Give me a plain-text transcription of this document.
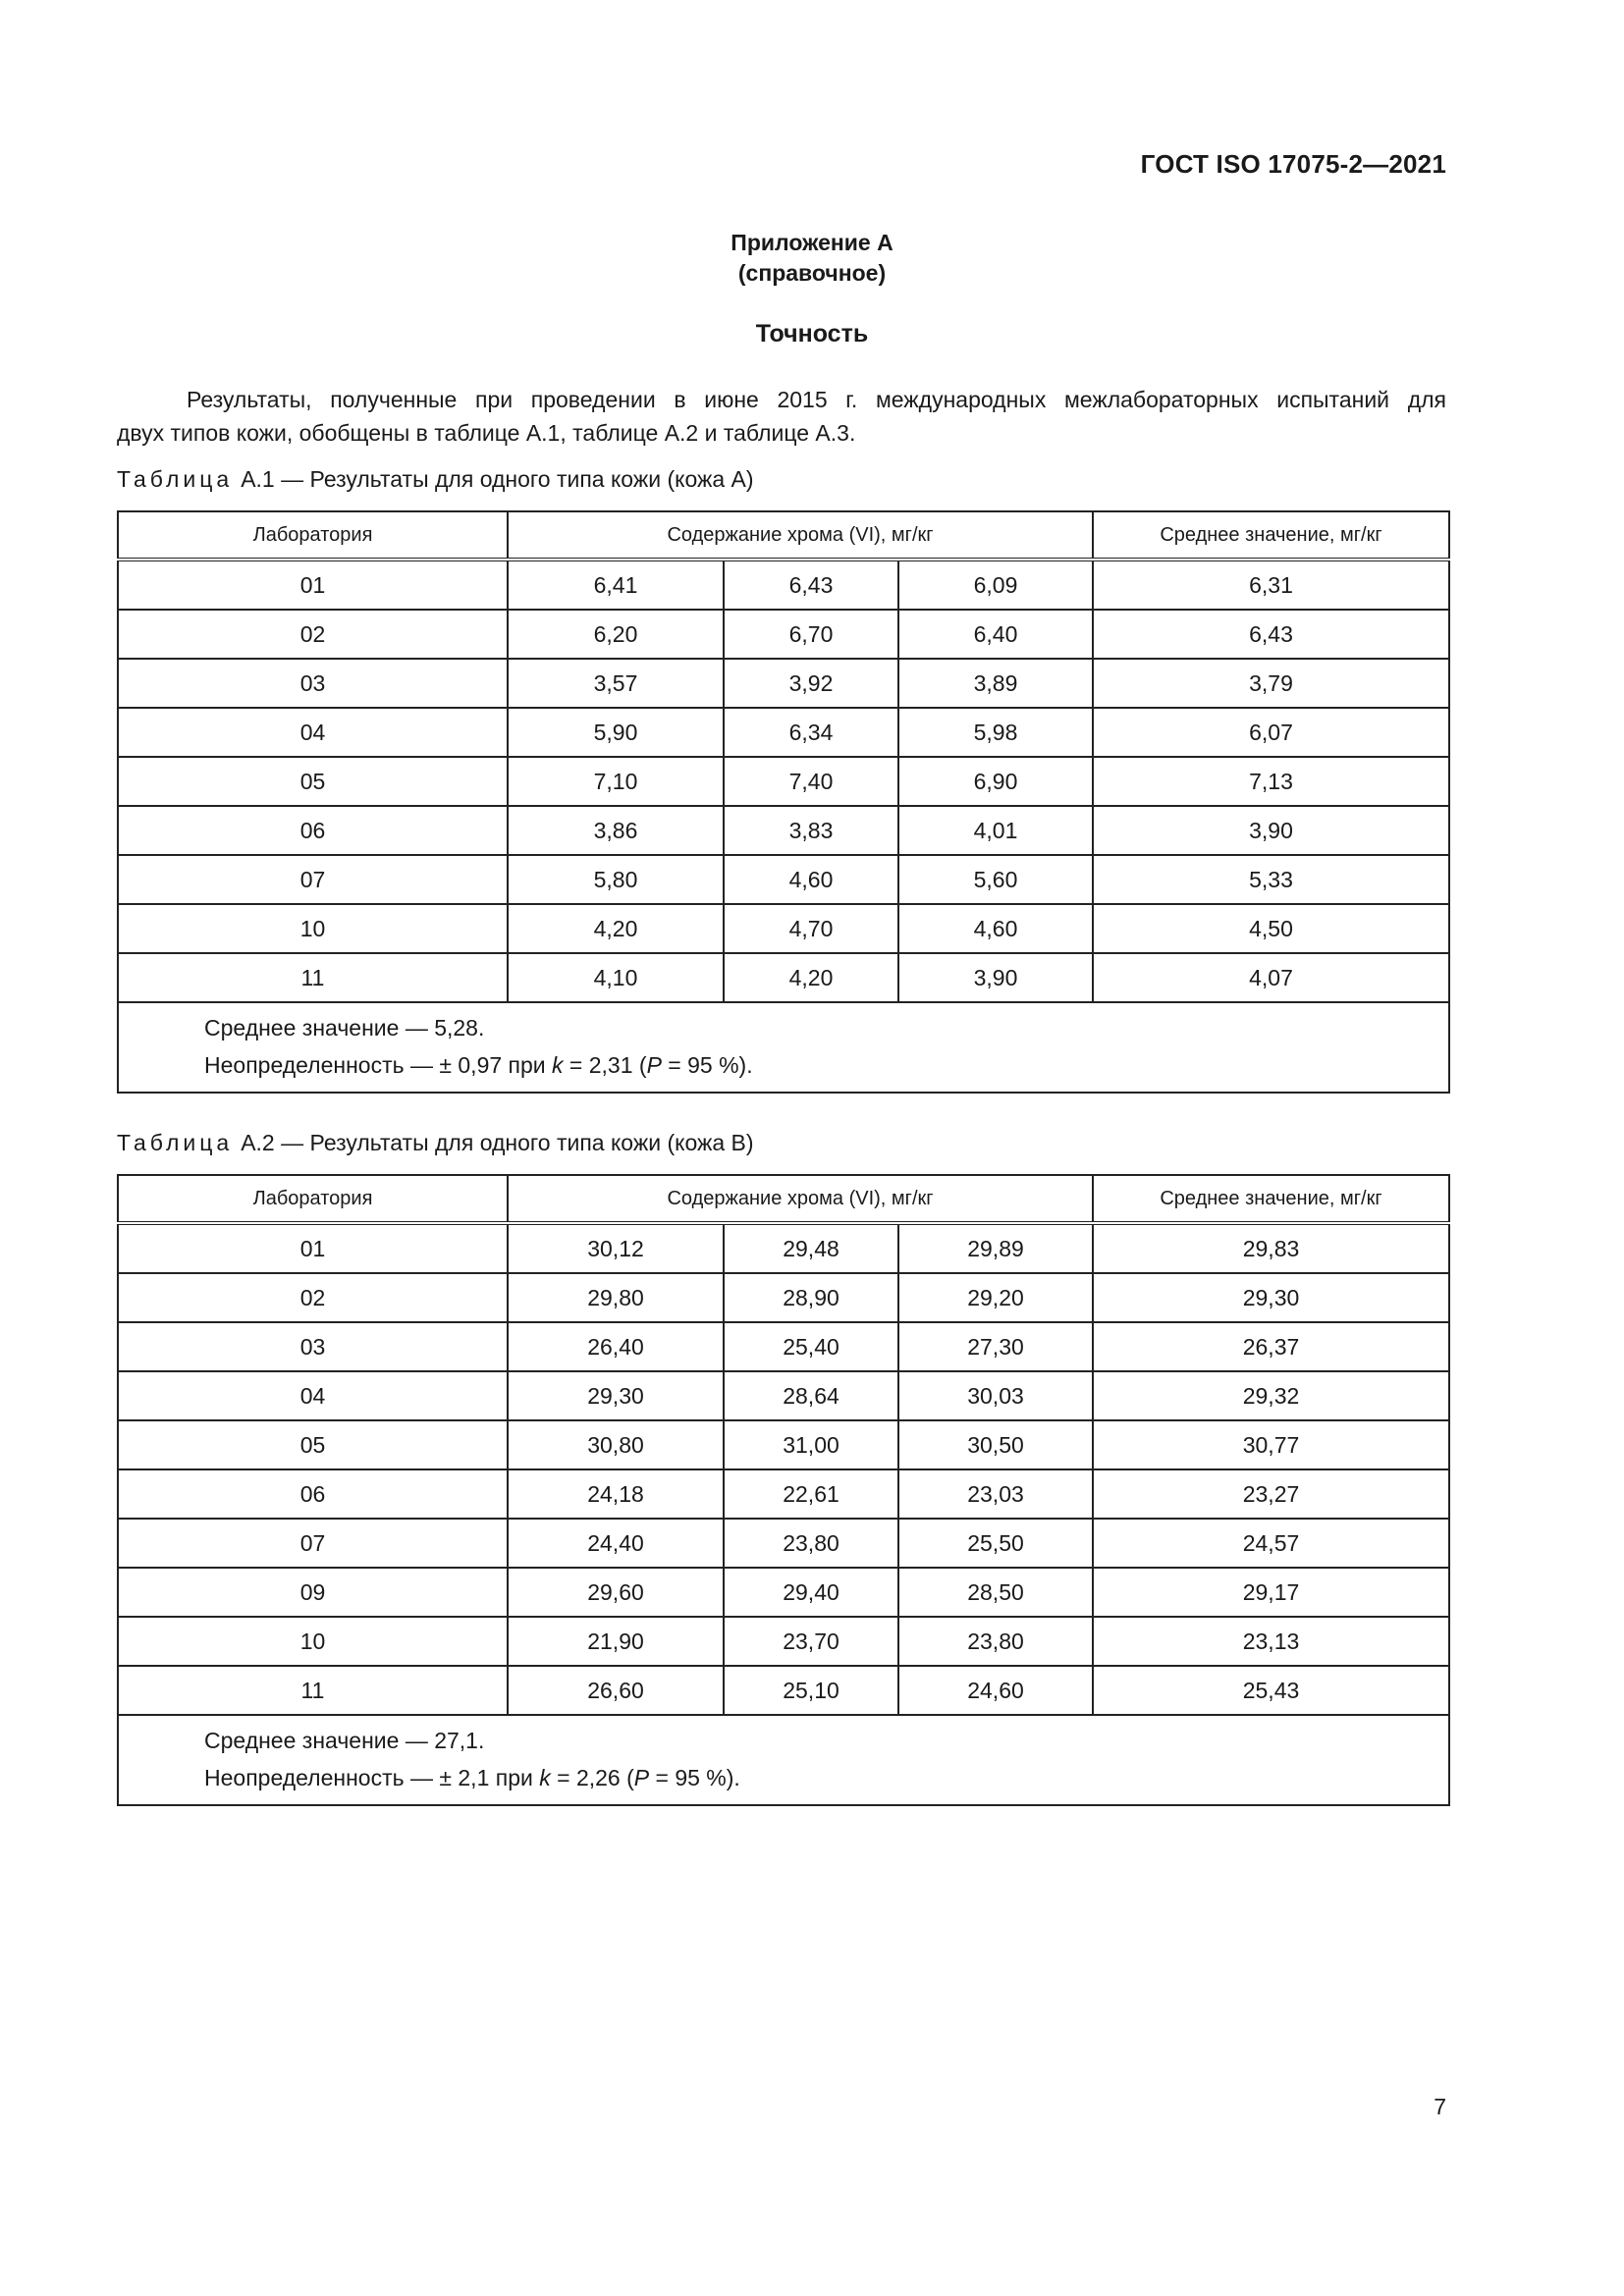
ГОСТ ISO 17075-2—2021
Приложение А
(справочное)
Точность
Результаты, полученные при проведении в июне 2015 г. международных межлабораторных испытаний для
двух типов кожи, обобщены в таблице А.1, таблице А.2 и таблице А.3.
Таблица А.1 — Результаты для одного типа кожи (кожа А)
Лаборатория	Содержание хрома (VI), мг/кг			Среднее значение, мг/кг
01	6,41	6,43	6,09	6,31
02	6,20	6,70	6,40	6,43
03	3,57	3,92	3,89	3,79
04	5,90	6,34	5,98	6,07
05	7,10	7,40	6,90	7,13
06	3,86	3,83	4,01	3,90
07	5,80	4,60	5,60	5,33
10	4,20	4,70	4,60	4,50
11	4,10	4,20	3,90	4,07

Среднее значение — 5,28.
Неопределенность — ± 0,97 при k = 2,31 (P = 95 %).				
Таблица А.2 — Результаты для одного типа кожи (кожа В)
Лаборатория	Содержание хрома (VI), мг/кг			Среднее значение, мг/кг
01	30,12	29,48	29,89	29,83
02	29,80	28,90	29,20	29,30
03	26,40	25,40	27,30	26,37
04	29,30	28,64	30,03	29,32
05	30,80	31,00	30,50	30,77
06	24,18	22,61	23,03	23,27
07	24,40	23,80	25,50	24,57
09	29,60	29,40	28,50	29,17
10	21,90	23,70	23,80	23,13
11	26,60	25,10	24,60	25,43

Среднее значение — 27,1.
Неопределенность — ± 2,1 при k = 2,26 (P = 95 %).				
7
